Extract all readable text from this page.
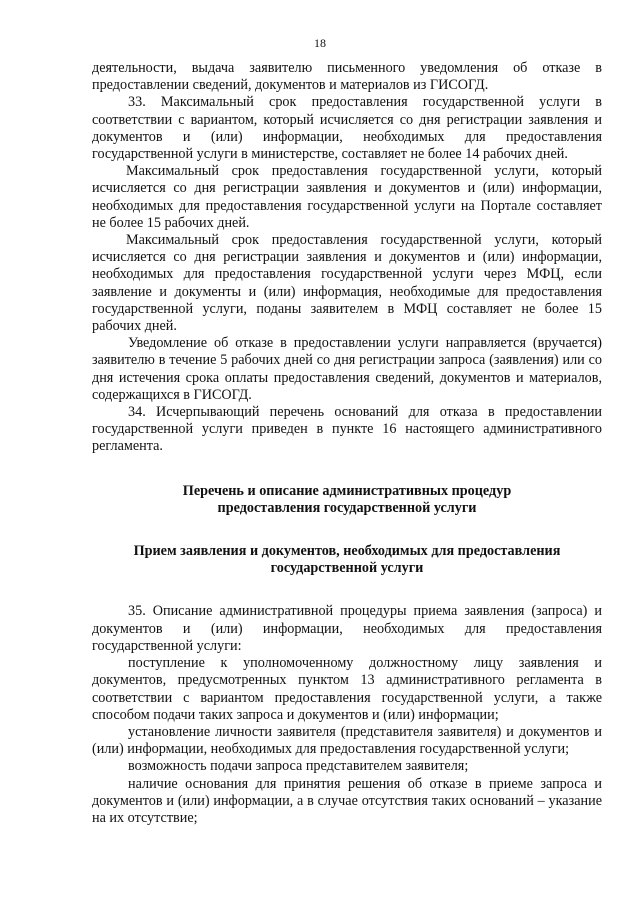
18

деятельности, выдача заявителю письменного уведомления об отказе в предоставлении сведений, документов и материалов из ГИСОГД.

33. Максимальный срок предоставления государственной услуги в соответствии с вариантом, который исчисляется со дня регистрации заявления и документов и (или) информации, необходимых для предоставления государственной услуги в министерстве, составляет не более 14 рабочих дней.

Максимальный срок предоставления государственной услуги, который исчисляется со дня регистрации заявления и документов и (или) информации, необходимых для предоставления государственной услуги на Портале составляет не более 15 рабочих дней.

Максимальный срок предоставления государственной услуги, который исчисляется со дня регистрации заявления и документов и (или) информации, необходимых для предоставления государственной услуги через МФЦ, если заявление и документы и (или) информация, необходимые для предоставления государственной услуги, поданы заявителем в МФЦ составляет не более 15 рабочих дней.

Уведомление об отказе в предоставлении услуги направляется (вручается) заявителю в течение 5 рабочих дней со дня регистрации запроса (заявления) или со дня истечения срока оплаты предоставления сведений, документов и материалов, содержащихся в ГИСОГД.

34. Исчерпывающий перечень оснований для отказа в предоставлении государственной услуги приведен в пункте 16 настоящего административного регламента.

Перечень и описание административных процедур предоставления государственной услуги

Прием заявления и документов, необходимых для предоставления государственной услуги

35. Описание административной процедуры приема заявления (запроса) и документов и (или) информации, необходимых для предоставления государственной услуги:

поступление к уполномоченному должностному лицу заявления и документов, предусмотренных пунктом 13 административного регламента в соответствии с вариантом предоставления государственной услуги, а также способом подачи таких запроса и документов и (или) информации;

установление личности заявителя (представителя заявителя) и документов и (или) информации, необходимых для предоставления государственной услуги;

возможность подачи запроса представителем заявителя;

наличие основания для принятия решения об отказе в приеме запроса и документов и (или) информации, а в случае отсутствия таких оснований – указание на их отсутствие;
